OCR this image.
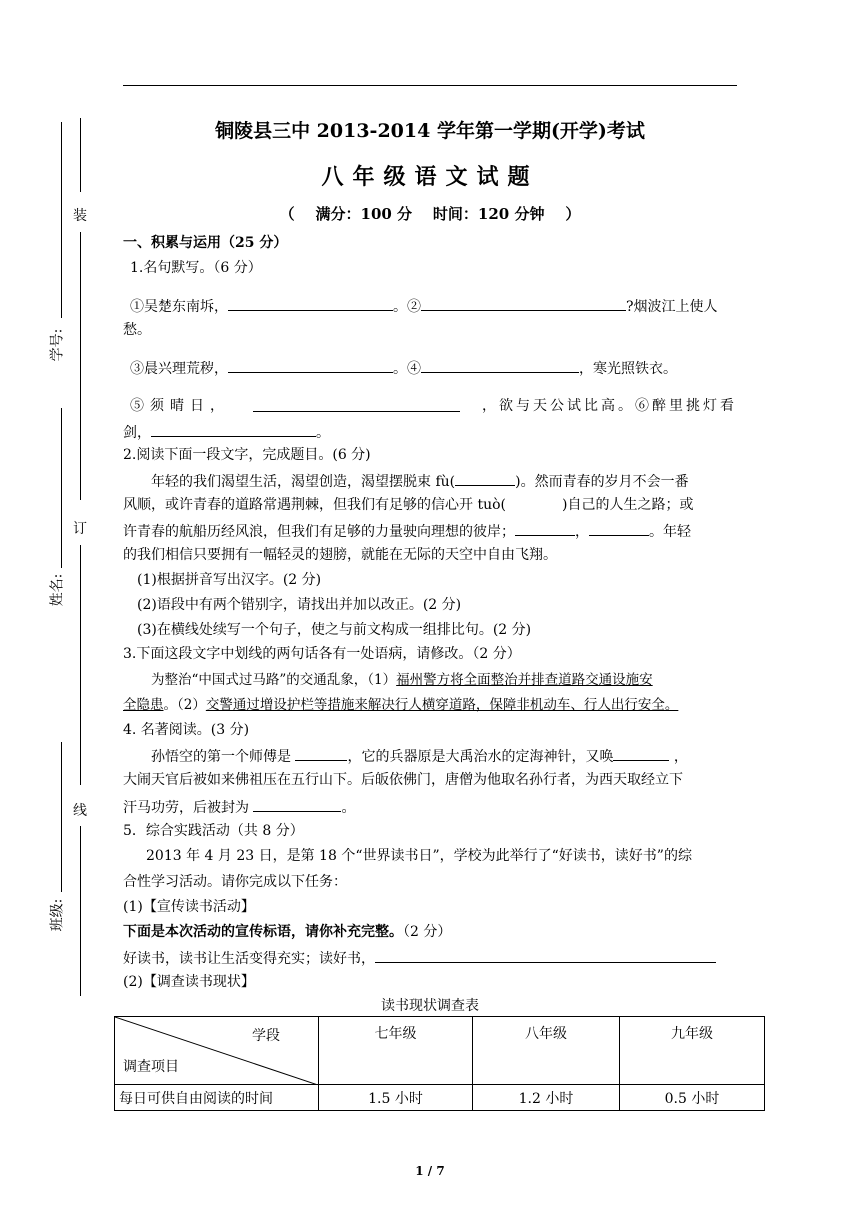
装
订
线
学号:
姓名:
班级:
铜陵县三中 2013-2014 学年第一学期(开学)考试
八年级语文试题
（    满分：100 分    时间：120 分钟    ）
一、积累与运用（25 分）
1.名句默写。（6 分）
①吴楚东南坼，	。②	?烟波江上使人
愁。
③晨兴理荒秽，	。④	，寒光照铁衣。
⑤须晴日，	，欲与天公试比高。⑥醉里挑灯看
剑，	。
2.阅读下面一段文字，完成题目。(6 分)
年轻的我们渴望生活，渴望创造，渴望摆脱束 fù(	)。然而青春的岁月不会一番
风顺，或许青春的道路常遇荆棘，但我们有足够的信心开 tuò(	)自己的人生之路；或
许青春的航船历经风浪，但我们有足够的力量驶向理想的彼岸；	，	。年轻
的我们相信只要拥有一幅轻灵的翅膀，就能在无际的天空中自由飞翔。
(1)根据拼音写出汉字。(2 分)
(2)语段中有两个错别字，请找出并加以改正。(2 分)
(3)在横线处续写一个句子，使之与前文构成一组排比句。(2 分)
3.下面这段文字中划线的两句话各有一处语病，请修改。（2 分）
为整治“中国式过马路”的交通乱象，（1）福州警方将全面整治并排查道路交通设施安
全隐患。（2）交警通过增设护栏等措施来解决行人横穿道路，保障非机动车、行人出行安全。
4. 名著阅读。(3 分)
孙悟空的第一个师傅是	，它的兵器原是大禹治水的定海神针，又唤	，
大闹天官后被如来佛祖压在五行山下。后皈依佛门，唐僧为他取名孙行者，为西天取经立下
汗马功劳，后被封为	。
5．综合实践活动（共 8 分）
2013 年 4 月 23 日，是第 18 个“世界读书日”，学校为此举行了“好读书，读好书”的综
合性学习活动。请你完成以下任务：
(1)【宣传读书活动】
下面是本次活动的宣传标语，请你补充完整。（2 分）
好读书，读书让生活变得充实；读好书，
(2)【调查读书现状】
读书现状调查表
学段
调查项目	七年级	八年级	九年级
每日可供自由阅读的时间	1.5 小时	1.2 小时	0.5 小时
1 / 7
